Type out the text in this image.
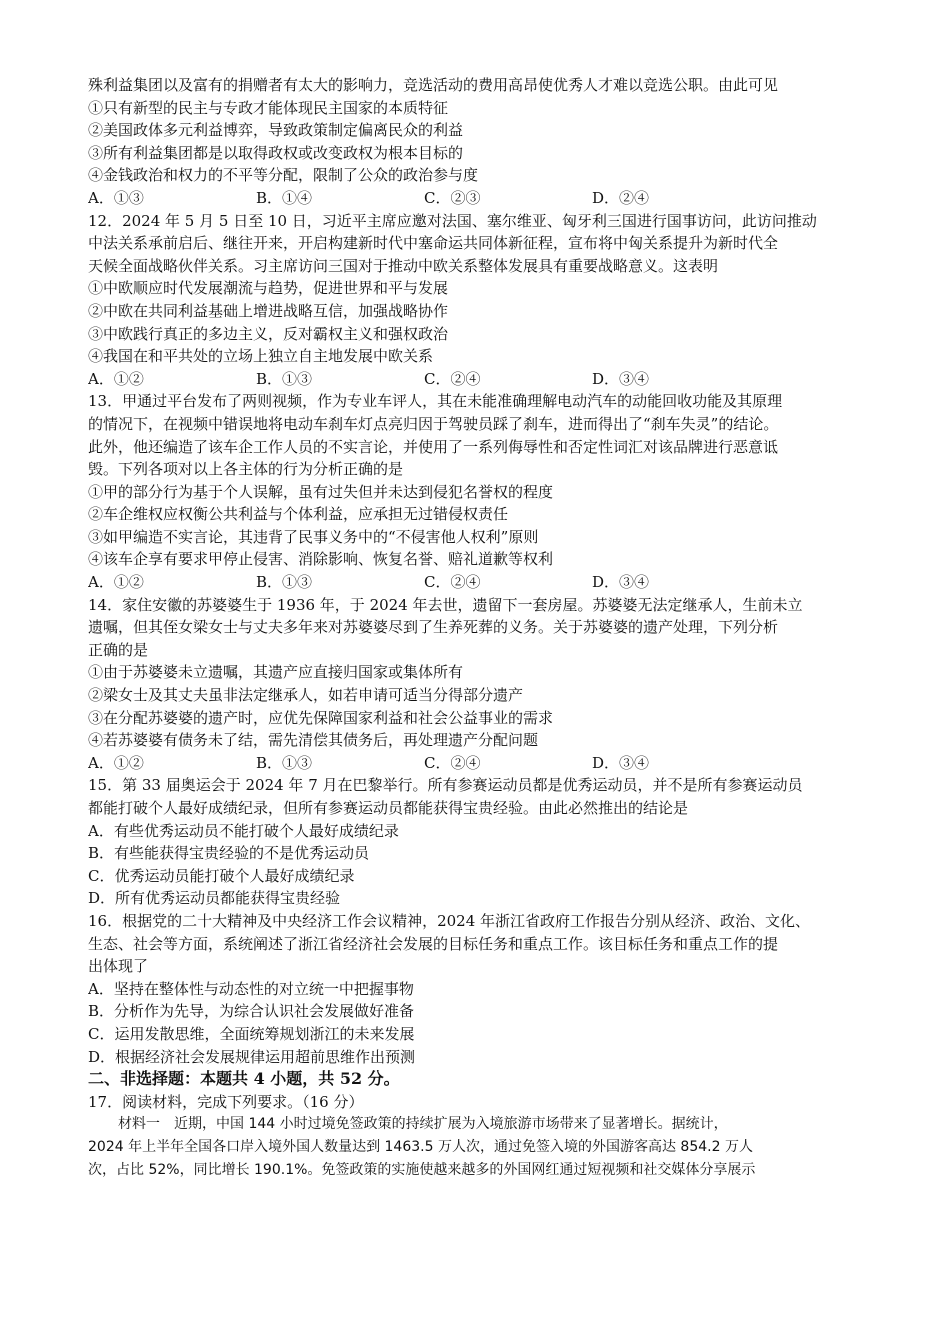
殊利益集团以及富有的捐赠者有太大的影响力，竞选活动的费用高昂使优秀人才难以竞选公职。由此可见
①只有新型的民主与专政才能体现民主国家的本质特征
②美国政体多元利益博弈，导致政策制定偏离民众的利益
③所有利益集团都是以取得政权或改变政权为根本目标的
④金钱政治和权力的不平等分配，限制了公众的政治参与度
A．①③	B．①④	C．②③	D．②④
12．2024 年 5 月 5 日至 10 日，习近平主席应邀对法国、塞尔维亚、匈牙利三国进行国事访问，此访问推动
中法关系承前启后、继往开来，开启构建新时代中塞命运共同体新征程，宣布将中匈关系提升为新时代全
天候全面战略伙伴关系。习主席访问三国对于推动中欧关系整体发展具有重要战略意义。这表明
①中欧顺应时代发展潮流与趋势，促进世界和平与发展
②中欧在共同利益基础上增进战略互信，加强战略协作
③中欧践行真正的多边主义，反对霸权主义和强权政治
④我国在和平共处的立场上独立自主地发展中欧关系
A．①②	B．①③	C．②④	D．③④
13．甲通过平台发布了两则视频，作为专业车评人，其在未能准确理解电动汽车的动能回收功能及其原理
的情况下，在视频中错误地将电动车刹车灯点亮归因于驾驶员踩了刹车，进而得出了“刹车失灵”的结论。
此外，他还编造了该车企工作人员的不实言论，并使用了一系列侮辱性和否定性词汇对该品牌进行恶意诋
毁。下列各项对以上各主体的行为分析正确的是
①甲的部分行为基于个人误解，虽有过失但并未达到侵犯名誉权的程度
②车企维权应权衡公共利益与个体利益，应承担无过错侵权责任
③如甲编造不实言论，其违背了民事义务中的“不侵害他人权利”原则
④该车企享有要求甲停止侵害、消除影响、恢复名誉、赔礼道歉等权利
A．①②	B．①③	C．②④	D．③④
14．家住安徽的苏婆婆生于 1936 年，于 2024 年去世，遗留下一套房屋。苏婆婆无法定继承人，生前未立
遗嘱，但其侄女梁女士与丈夫多年来对苏婆婆尽到了生养死葬的义务。关于苏婆婆的遗产处理，下列分析
正确的是
①由于苏婆婆未立遗嘱，其遗产应直接归国家或集体所有
②梁女士及其丈夫虽非法定继承人，如若申请可适当分得部分遗产
③在分配苏婆婆的遗产时，应优先保障国家利益和社会公益事业的需求
④若苏婆婆有债务未了结，需先清偿其债务后，再处理遗产分配问题
A．①②	B．①③	C．②④	D．③④
15．第 33 届奥运会于 2024 年 7 月在巴黎举行。所有参赛运动员都是优秀运动员，并不是所有参赛运动员
都能打破个人最好成绩纪录，但所有参赛运动员都能获得宝贵经验。由此必然推出的结论是
A．有些优秀运动员不能打破个人最好成绩纪录
B．有些能获得宝贵经验的不是优秀运动员
C．优秀运动员能打破个人最好成绩纪录
D．所有优秀运动员都能获得宝贵经验
16．根据党的二十大精神及中央经济工作会议精神，2024 年浙江省政府工作报告分别从经济、政治、文化、
生态、社会等方面，系统阐述了浙江省经济社会发展的目标任务和重点工作。该目标任务和重点工作的提
出体现了
A．坚持在整体性与动态性的对立统一中把握事物
B．分析作为先导，为综合认识社会发展做好准备
C．运用发散思维，全面统筹规划浙江的未来发展
D．根据经济社会发展规律运用超前思维作出预测
二、非选择题：本题共 4 小题，共 52 分。
17．阅读材料，完成下列要求。（16 分）
材料一　近期，中国 144 小时过境免签政策的持续扩展为入境旅游市场带来了显著增长。据统计，
2024 年上半年全国各口岸入境外国人数量达到 1463.5 万人次，通过免签入境的外国游客高达 854.2 万人
次，占比 52%，同比增长 190.1%。免签政策的实施使越来越多的外国网红通过短视频和社交媒体分享展示
